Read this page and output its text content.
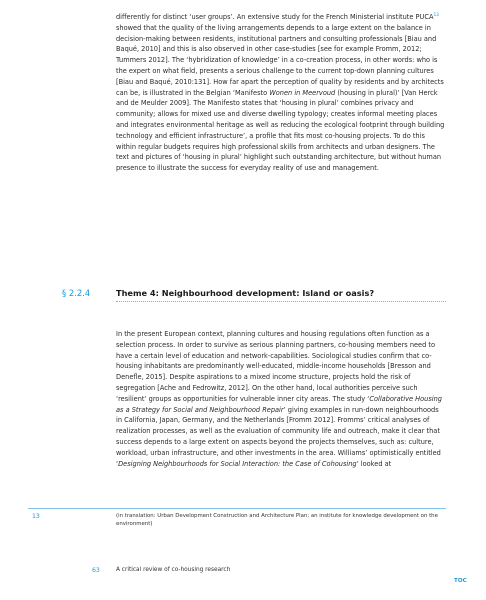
differently for distinct ‘user groups’. An extensive study for the French Ministerial institute PUCA$^{13}$ showed that the quality of the living arrangements depends to a large extent on the balance in decision-making between residents, institutional partners and consulting professionals [Biau and Baqué, 2010] and this is also observed in other case-studies [see for example Fromm, 2012; Tummers 2012]. The ‘hybridization of knowledge’ in a co-creation process, in other words: who is the expert on what field, presents a serious challenge to the current top-down planning cultures [Biau and Baqué, 2010:131]. How far apart the perception of quality by residents and by architects can be, is illustrated in the Belgian ‘Manifesto Wonen in Meervoud (housing in plural)’ [Van Herck and de Meulder 2009]. The Manifesto states that ‘housing in plural’ combines privacy and community; allows for mixed use and diverse dwelling typology; creates informal meeting places and integrates environmental heritage as well as reducing the ecological footprint through building technology and efficient infrastructure’, a profile that fits most co-housing projects. To do this within regular budgets requires high professional skills from architects and urban designers. The text and pictures of ‘housing in plural’ highlight such outstanding architecture, but without human presence to illustrate the success for everyday reality of use and management.

§ 2.2.4	Theme 4: Neighbourhood development: Island or oasis?

In the present European context, planning cultures and housing regulations often function as a selection process. In order to survive as serious planning partners, co-housing members need to have a certain level of education and network-capabilities. Sociological studies confirm that co-housing inhabitants are predominantly well-educated, middle-income households [Bresson and Denefle, 2015]. Despite aspirations to a mixed income structure, projects hold the risk of segregation [Ache and Fedrowitz, 2012]. On the other hand, local authorities perceive such ‘resilient’ groups as opportunities for vulnerable inner city areas. The study ‘Collaborative Housing as a Strategy for Social and Neighbourhood Repair’ giving examples in run-down neighbourhoods in California, Japan, Germany, and the Netherlands [Fromm 2012]. Fromms’ critical analyses of realization processes, as well as the evaluation of community life and outreach, make it clear that success depends to a large extent on aspects beyond the projects themselves, such as: culture, workload, urban infrastructure, and other investments in the area. Williams’ optimistically entitled ‘Designing Neighbourhoods for Social Interaction: the Case of Cohousing’ looked at

13	(in translation: Urban Development Construction and Architecture Plan; an institute for knowledge development on the environment)
63	A critical review of co-housing research
TOC
